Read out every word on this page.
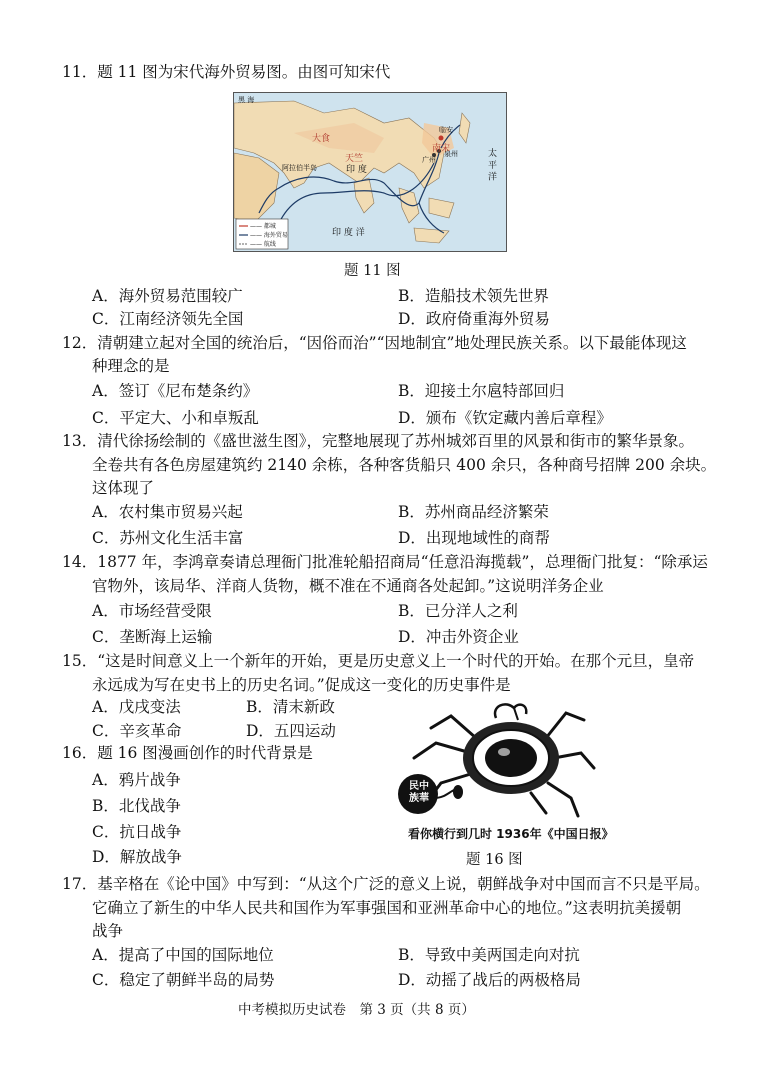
11．题 11 图为宋代海外贸易图。由图可知宋代
黑 海
大食
阿拉伯半岛
天竺
印 度
南宋
临安
广州
泉州	太 平 洋
印 度 洋
—— 都城
—— 海外贸易
—— 航线
题 11 图
A．海外贸易范围较广	B．造船技术领先世界
C．江南经济领先全国	D．政府倚重海外贸易
12．清朝建立起对全国的统治后，“因俗而治”“因地制宜”地处理民族关系。以下最能体现这
种理念的是
A．签订《尼布楚条约》	B．迎接土尔扈特部回归
C．平定大、小和卓叛乱	D．颁布《钦定藏内善后章程》
13．清代徐扬绘制的《盛世滋生图》，完整地展现了苏州城郊百里的风景和街市的繁华景象。
全卷共有各色房屋建筑约 2140 余栋，各种客货船只 400 余只，各种商号招牌 200 余块。
这体现了
A．农村集市贸易兴起	B．苏州商品经济繁荣
C．苏州文化生活丰富	D．出现地域性的商帮
14．1877 年，李鸿章奏请总理衙门批准轮船招商局“任意沿海揽载”，总理衙门批复：“除承运
官物外，该局华、洋商人货物，概不准在不通商各处起卸。”这说明洋务企业
A．市场经营受限	B．已分洋人之利
C．垄断海上运输	D．冲击外资企业
15．“这是时间意义上一个新年的开始，更是历史意义上一个时代的开始。在那个元旦，皇帝
永远成为写在史书上的历史名词。”促成这一变化的历史事件是
A．戊戌变法	B．清末新政
C．辛亥革命	D．五四运动
16．题 16 图漫画创作的时代背景是
A．鸦片战争
B．北伐战争
C．抗日战争
D．解放战争
民中 族華
看你横行到几时 1936年《中国日报》
题 16 图
17．基辛格在《论中国》中写到：“从这个广泛的意义上说，朝鲜战争对中国而言不只是平局。
它确立了新生的中华人民共和国作为军事强国和亚洲革命中心的地位。”这表明抗美援朝
战争
A．提高了中国的国际地位	B．导致中美两国走向对抗
C．稳定了朝鲜半岛的局势	D．动摇了战后的两极格局
中考模拟历史试卷　第 3 页（共 8 页）
